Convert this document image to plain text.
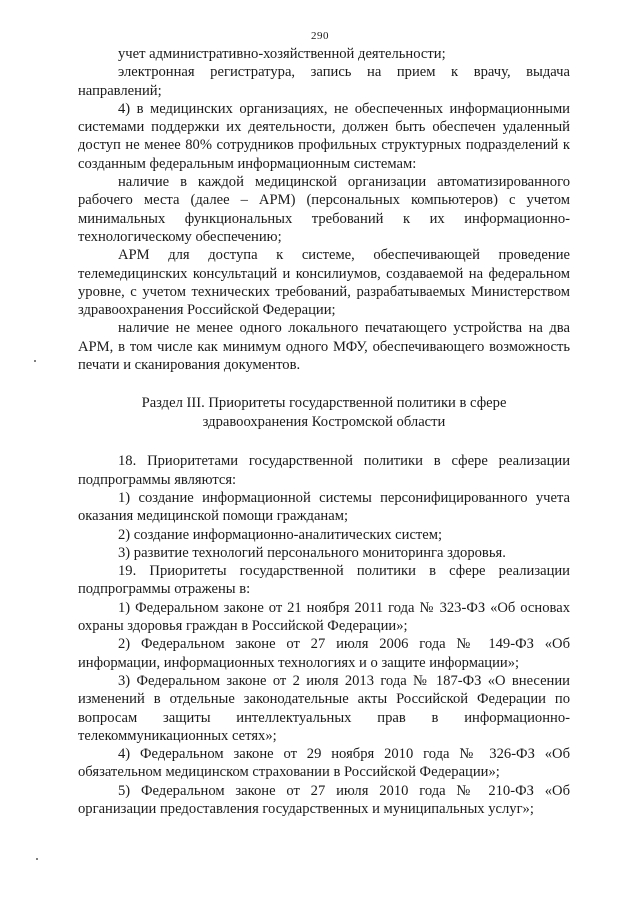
290

учет административно-хозяйственной деятельности;

электронная регистратура, запись на прием к врачу, выдача направлений;

4) в медицинских организациях, не обеспеченных информационными системами поддержки их деятельности, должен быть обеспечен удаленный доступ не менее 80% сотрудников профильных структурных подразделений к созданным федеральным информационным системам:

наличие в каждой медицинской организации автоматизированного рабочего места (далее – АРМ) (персональных компьютеров) с учетом минимальных функциональных требований к их информационно-технологическому обеспечению;

АРМ для доступа к системе, обеспечивающей проведение телемедицинских консультаций и консилиумов, создаваемой на федеральном уровне, с учетом технических требований, разрабатываемых Министерством здравоохранения Российской Федерации;

наличие не менее одного локального печатающего устройства на два АРМ, в том числе как минимум одного МФУ, обеспечивающего возможность печати и сканирования документов.

Раздел III. Приоритеты государственной политики в сфере
здравоохранения Костромской области

18. Приоритетами государственной политики в сфере реализации подпрограммы являются:

1) создание информационной системы персонифицированного учета оказания медицинской помощи гражданам;

2) создание информационно-аналитических систем;

3) развитие технологий персонального мониторинга здоровья.

19. Приоритеты государственной политики в сфере реализации подпрограммы отражены в:

1) Федеральном законе от 21 ноября 2011 года № 323-ФЗ «Об основах охраны здоровья граждан в Российской Федерации»;

2) Федеральном законе от 27 июля 2006 года № 149-ФЗ «Об информации, информационных технологиях и о защите информации»;

3) Федеральном законе от 2 июля 2013 года № 187-ФЗ «О внесении изменений в отдельные законодательные акты Российской Федерации по вопросам защиты интеллектуальных прав в информационно-телекоммуникационных сетях»;

4) Федеральном законе от 29 ноября 2010 года № 326-ФЗ «Об обязательном медицинском страховании в Российской Федерации»;

5) Федеральном законе от 27 июля 2010 года № 210-ФЗ «Об организации предоставления государственных и муниципальных услуг»;
